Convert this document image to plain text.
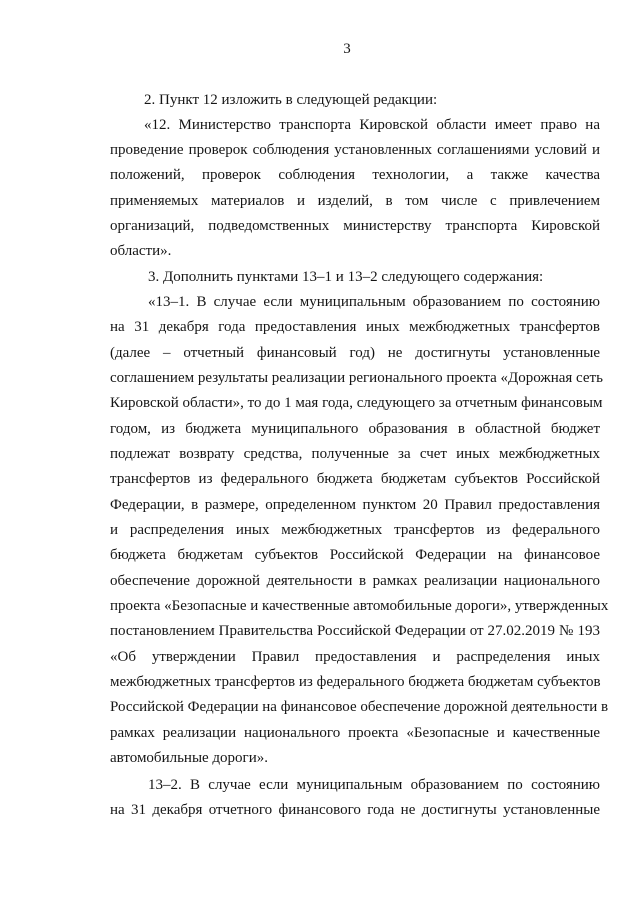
3
2. Пункт 12 изложить в следующей редакции:
«12. Министерство транспорта Кировской области имеет право на
проведение проверок соблюдения установленных соглашениями условий и
положений, проверок соблюдения технологии, а также качества
применяемых материалов и изделий, в том числе с привлечением
организаций, подведомственных министерству транспорта Кировской
области».
3. Дополнить пунктами 13–1 и 13–2 следующего содержания:
«13–1. В случае если муниципальным образованием по состоянию
на 31 декабря года предоставления иных межбюджетных трансфертов
(далее – отчетный финансовый год) не достигнуты установленные
соглашением результаты реализации регионального проекта «Дорожная сеть
Кировской области», то до 1 мая года, следующего за отчетным финансовым
годом, из бюджета муниципального образования в областной бюджет
подлежат возврату средства, полученные за счет иных межбюджетных
трансфертов из федерального бюджета бюджетам субъектов Российской
Федерации, в размере, определенном пунктом 20 Правил предоставления
и распределения иных межбюджетных трансфертов из федерального
бюджета бюджетам субъектов Российской Федерации на финансовое
обеспечение дорожной деятельности в рамках реализации национального
проекта «Безопасные и качественные автомобильные дороги», утвержденных
постановлением Правительства Российской Федерации от 27.02.2019 № 193
«Об утверждении Правил предоставления и распределения иных
межбюджетных трансфертов из федерального бюджета бюджетам субъектов
Российской Федерации на финансовое обеспечение дорожной деятельности в
рамках реализации национального проекта «Безопасные и качественные
автомобильные дороги».
13–2. В случае если муниципальным образованием по состоянию
на 31 декабря отчетного финансового года не достигнуты установленные
